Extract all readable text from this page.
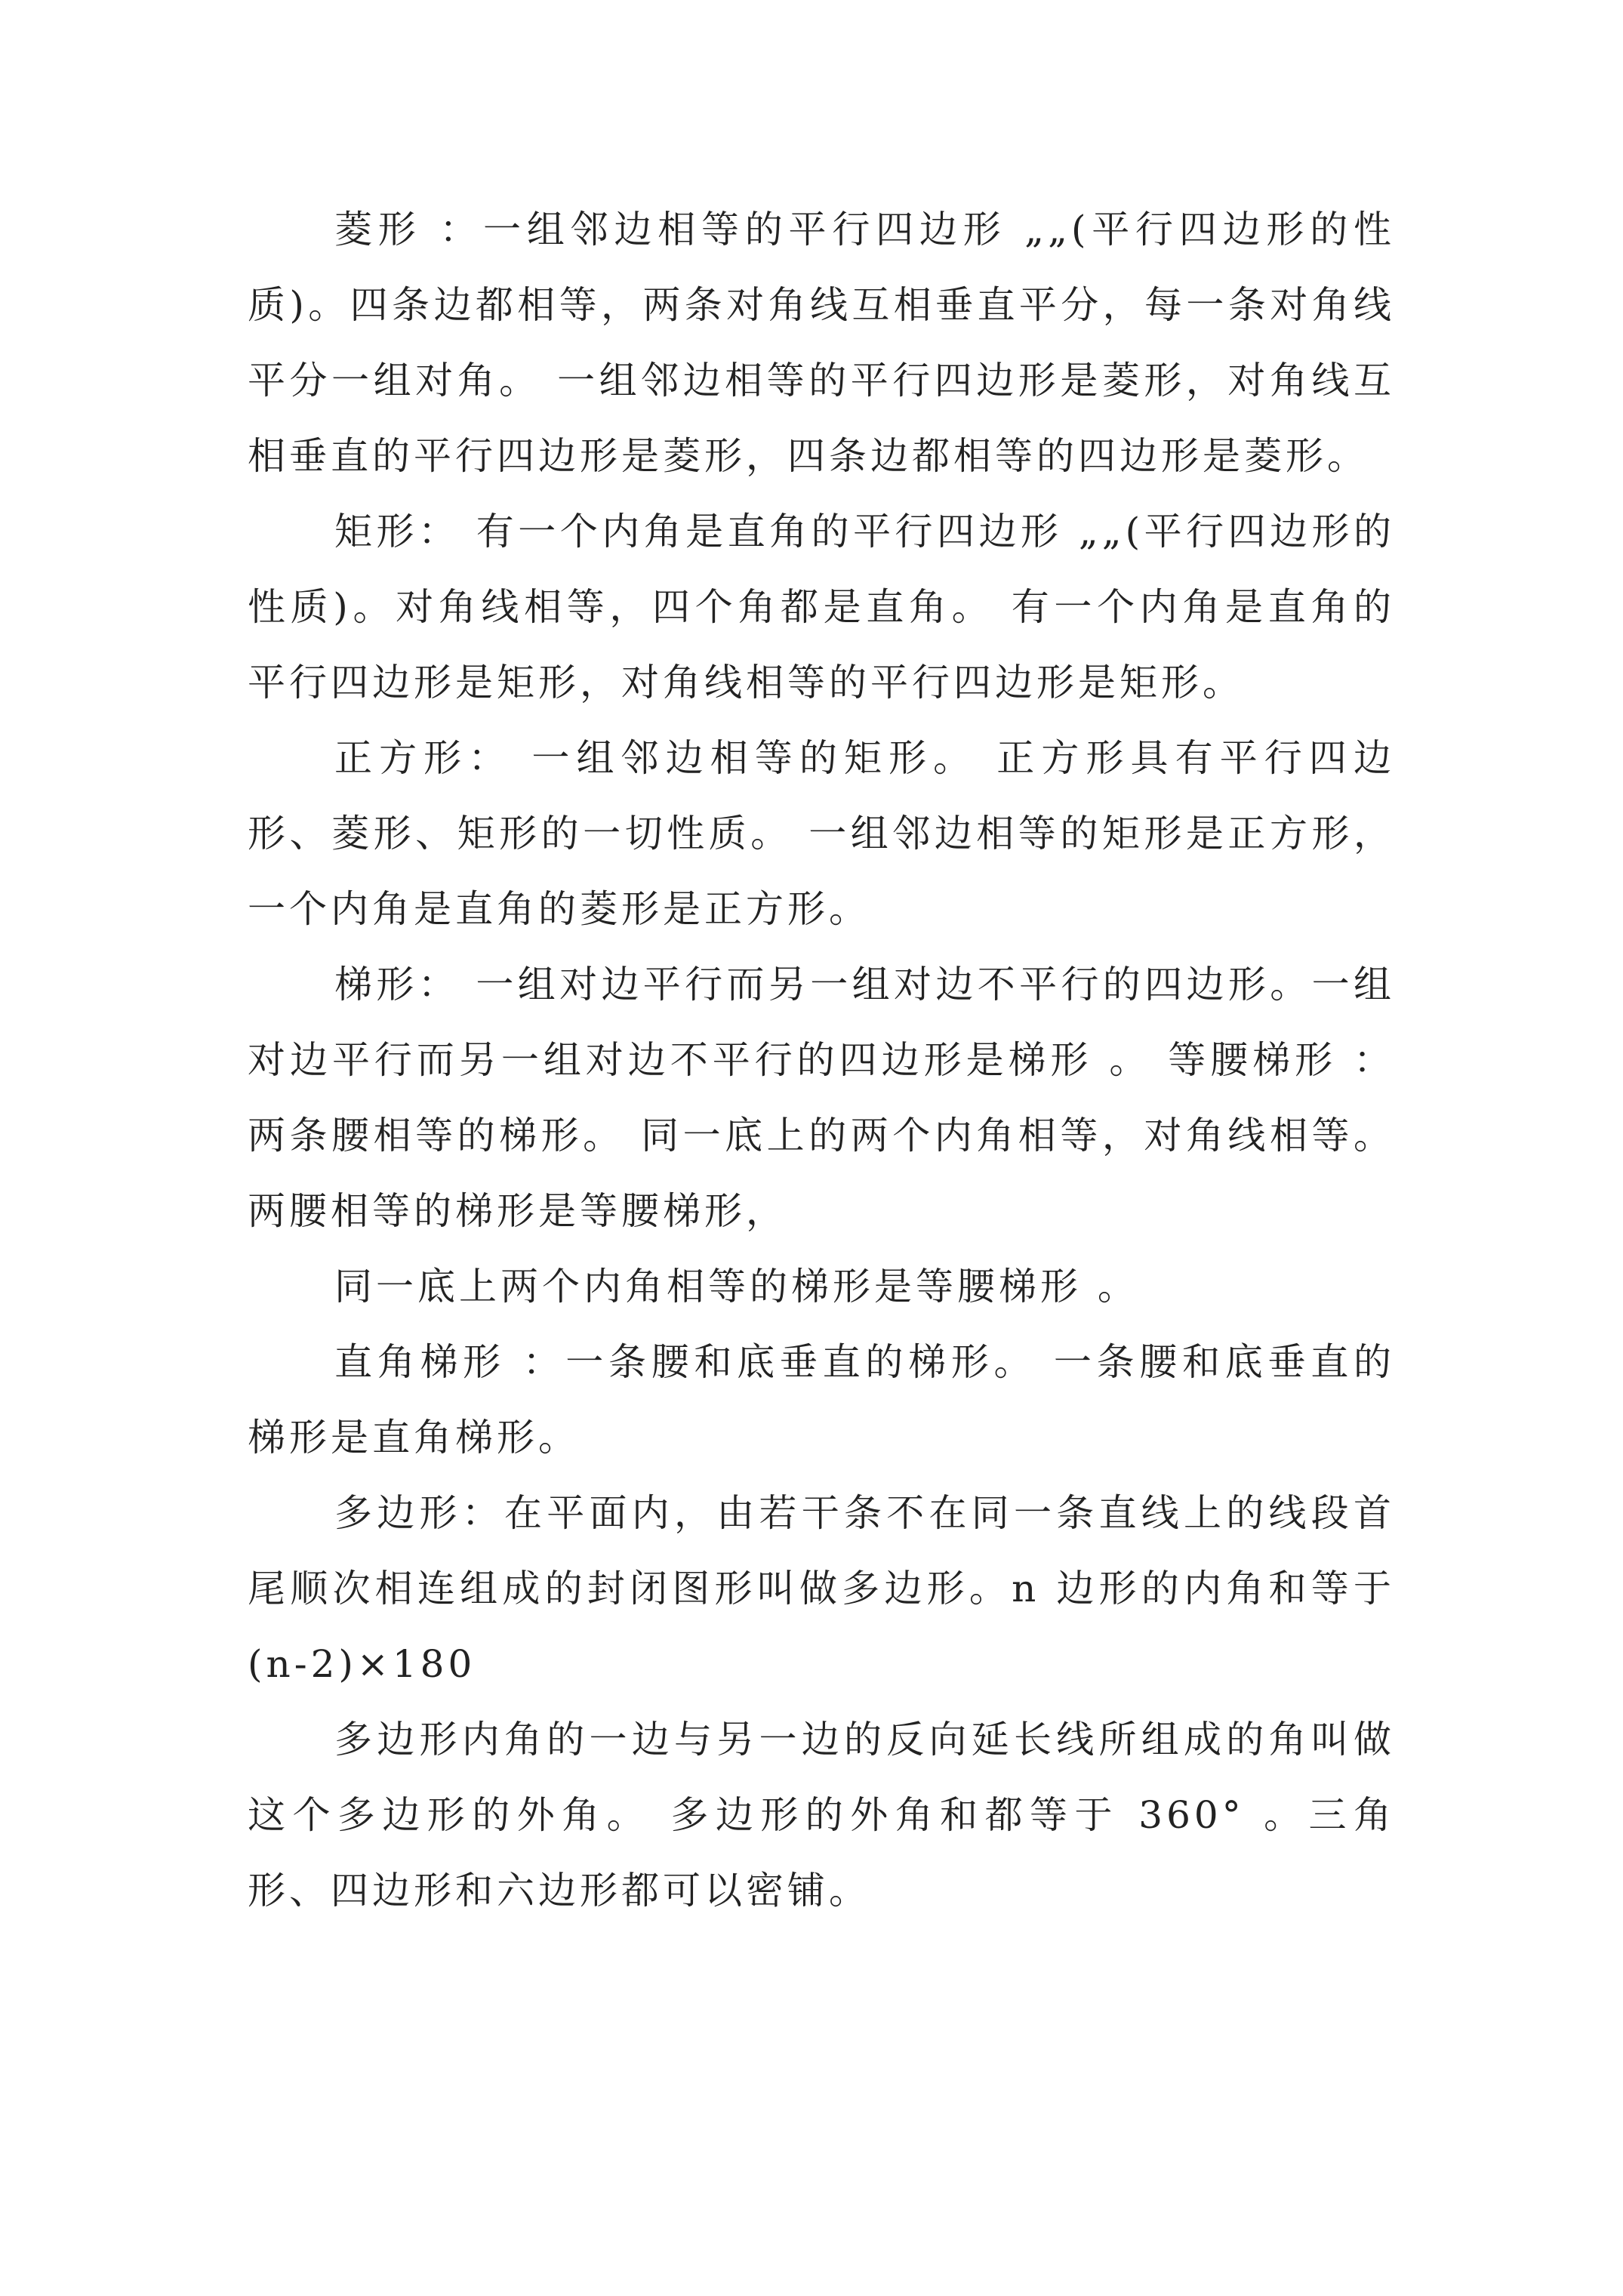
菱形 ：一组邻边相等的平行四边形 „„(平行四边形的性质)。四条边都相等，两条对角线互相垂直平分，每一条对角线平分一组对角。 一组邻边相等的平行四边形是菱形，对角线互相垂直的平行四边形是菱形，四条边都相等的四边形是菱形。

矩形： 有一个内角是直角的平行四边形 „„(平行四边形的性质)。对角线相等，四个角都是直角。 有一个内角是直角的平行四边形是矩形，对角线相等的平行四边形是矩形。

正方形： 一组邻边相等的矩形。 正方形具有平行四边形、菱形、矩形的一切性质。 一组邻边相等的矩形是正方形，一个内角是直角的菱形是正方形。

梯形： 一组对边平行而另一组对边不平行的四边形。一组对边平行而另一组对边不平行的四边形是梯形 。 等腰梯形 ：两条腰相等的梯形。 同一底上的两个内角相等，对角线相等。 两腰相等的梯形是等腰梯形，

同一底上两个内角相等的梯形是等腰梯形 。

直角梯形 ：一条腰和底垂直的梯形。 一条腰和底垂直的梯形是直角梯形。

多边形：在平面内，由若干条不在同一条直线上的线段首尾顺次相连组成的封闭图形叫做多边形。n 边形的内角和等于(n-2)×180

多边形内角的一边与另一边的反向延长线所组成的角叫做这个多边形的外角。 多边形的外角和都等于 360° 。三角形、四边形和六边形都可以密铺。
